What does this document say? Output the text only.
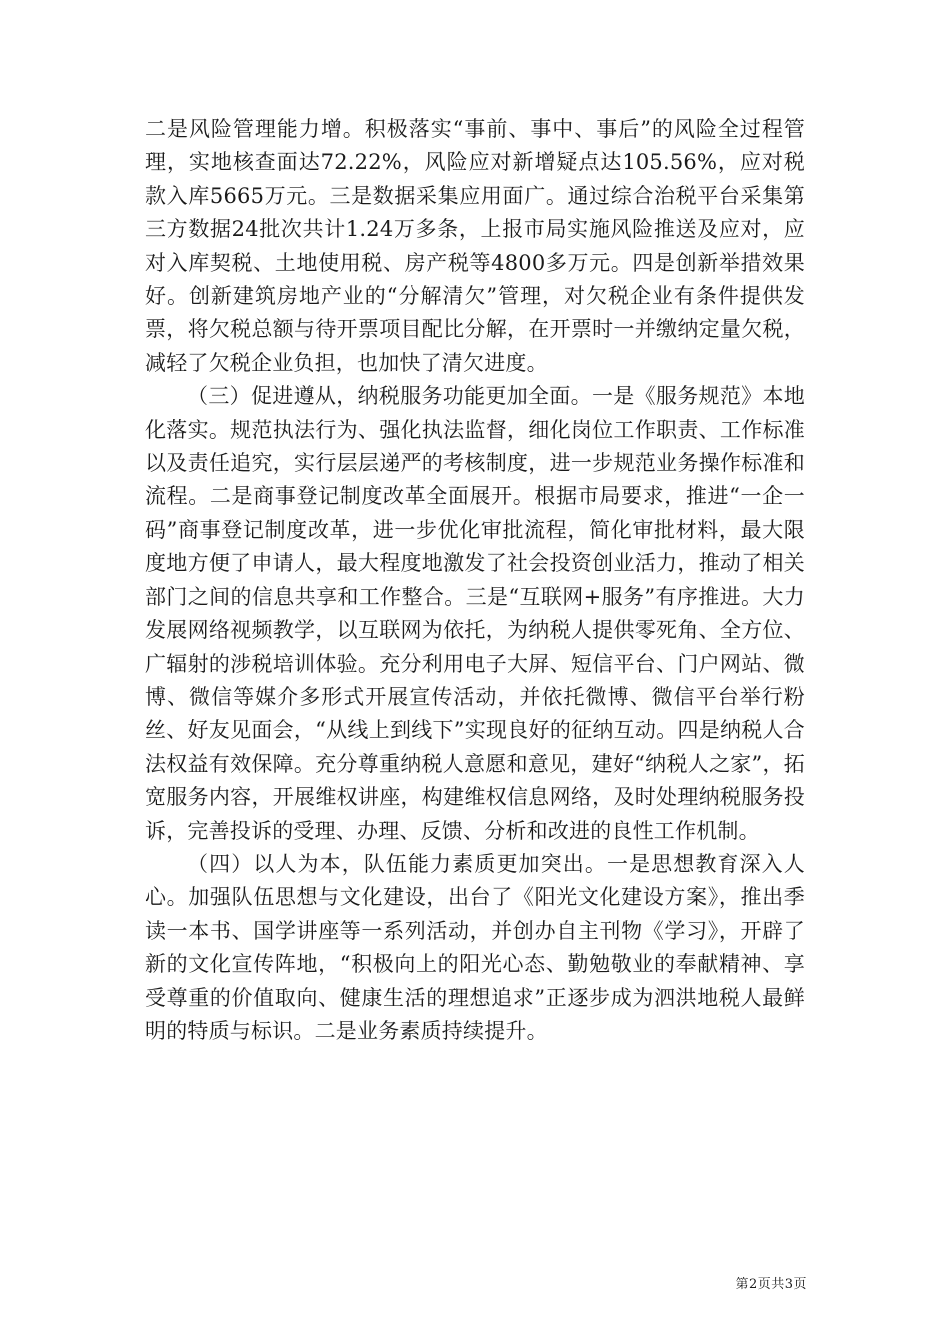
二是风险管理能力增。积极落实“事前、事中、事后”的风险全过程管理，实地核查面达72.22%，风险应对新增疑点达105.56%，应对税款入库5665万元。三是数据采集应用面广。通过综合治税平台采集第三方数据24批次共计1.24万多条，上报市局实施风险推送及应对，应对入库契税、土地使用税、房产税等4800多万元。四是创新举措效果好。创新建筑房地产业的“分解清欠”管理，对欠税企业有条件提供发票，将欠税总额与待开票项目配比分解，在开票时一并缴纳定量欠税，减轻了欠税企业负担，也加快了清欠进度。

（三）促进遵从，纳税服务功能更加全面。一是《服务规范》本地化落实。规范执法行为、强化执法监督，细化岗位工作职责、工作标准以及责任追究，实行层层递严的考核制度，进一步规范业务操作标准和流程。二是商事登记制度改革全面展开。根据市局要求，推进“一企一码”商事登记制度改革，进一步优化审批流程，简化审批材料，最大限度地方便了申请人，最大程度地激发了社会投资创业活力，推动了相关部门之间的信息共享和工作整合。三是“互联网+服务”有序推进。大力发展网络视频教学，以互联网为依托，为纳税人提供零死角、全方位、广辐射的涉税培训体验。充分利用电子大屏、短信平台、门户网站、微博、微信等媒介多形式开展宣传活动，并依托微博、微信平台举行粉丝、好友见面会，“从线上到线下”实现良好的征纳互动。四是纳税人合法权益有效保障。充分尊重纳税人意愿和意见，建好“纳税人之家”，拓宽服务内容，开展维权讲座，构建维权信息网络，及时处理纳税服务投诉，完善投诉的受理、办理、反馈、分析和改进的良性工作机制。

（四）以人为本，队伍能力素质更加突出。一是思想教育深入人心。加强队伍思想与文化建设，出台了《阳光文化建设方案》，推出季读一本书、国学讲座等一系列活动，并创办自主刊物《学习》，开辟了新的文化宣传阵地，“积极向上的阳光心态、勤勉敬业的奉献精神、享受尊重的价值取向、健康生活的理想追求”正逐步成为泗洪地税人最鲜明的特质与标识。二是业务素质持续提升。

第2页共3页
